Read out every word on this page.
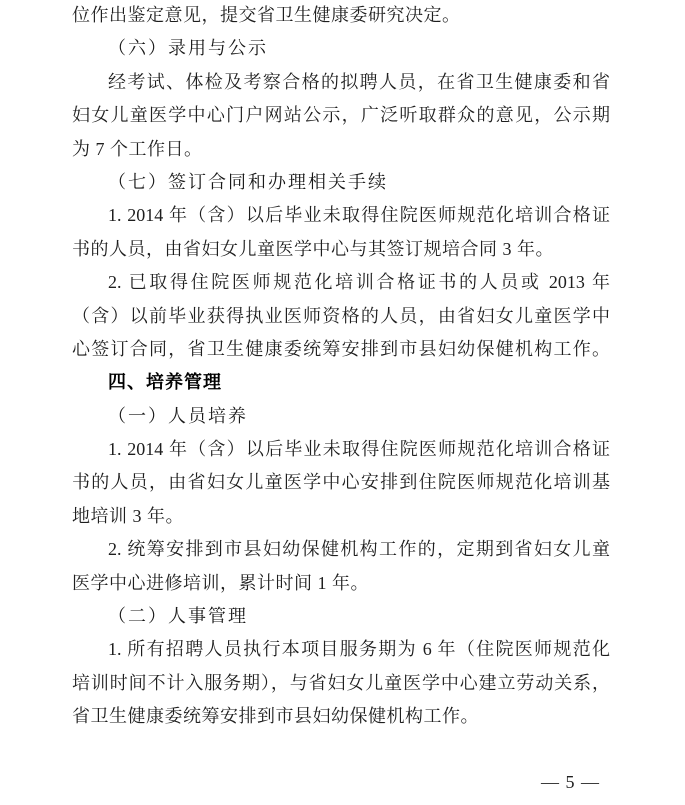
位作出鉴定意见，提交省卫生健康委研究决定。
（六）录用与公示
经考试、体检及考察合格的拟聘人员，在省卫生健康委和省
妇女儿童医学中心门户网站公示，广泛听取群众的意见，公示期
为 7 个工作日。
（七）签订合同和办理相关手续
1. 2014 年（含）以后毕业未取得住院医师规范化培训合格证
书的人员，由省妇女儿童医学中心与其签订规培合同 3 年。
2. 已取得住院医师规范化培训合格证书的人员或 2013 年
（含）以前毕业获得执业医师资格的人员，由省妇女儿童医学中
心签订合同，省卫生健康委统筹安排到市县妇幼保健机构工作。
四、培养管理
（一）人员培养
1. 2014 年（含）以后毕业未取得住院医师规范化培训合格证
书的人员，由省妇女儿童医学中心安排到住院医师规范化培训基
地培训 3 年。
2. 统筹安排到市县妇幼保健机构工作的，定期到省妇女儿童
医学中心进修培训，累计时间 1 年。
（二）人事管理
1. 所有招聘人员执行本项目服务期为 6 年（住院医师规范化
培训时间不计入服务期），与省妇女儿童医学中心建立劳动关系，
省卫生健康委统筹安排到市县妇幼保健机构工作。
— 5 —
